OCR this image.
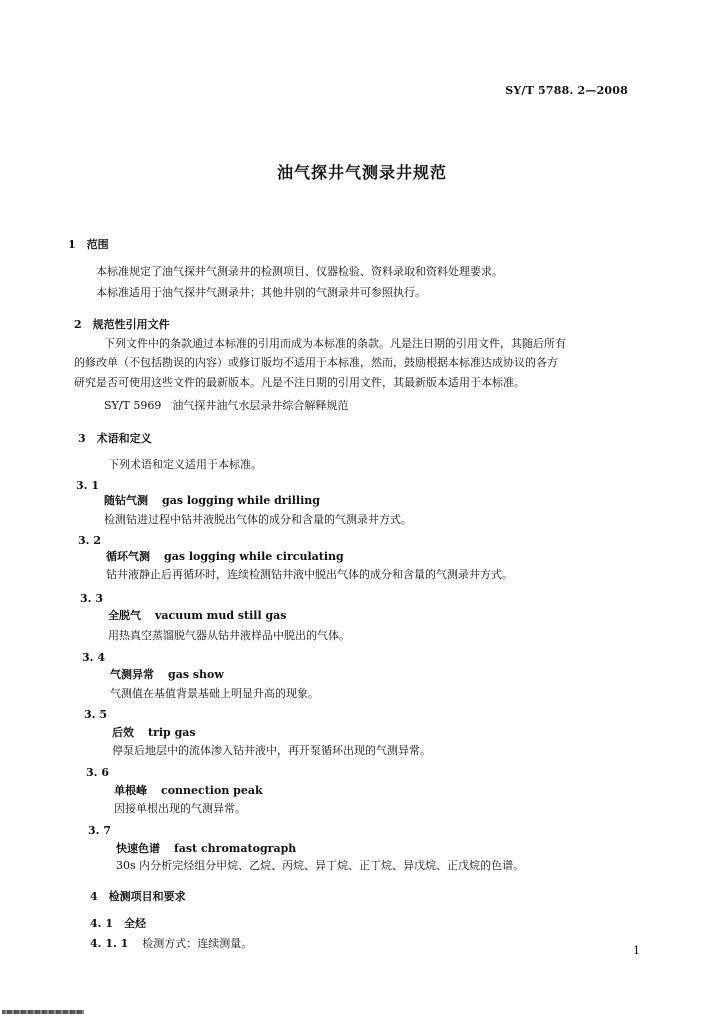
SY/T 5788. 2—2008
油气探井气测录井规范
1　范围
本标准规定了油气探井气测录井的检测项目、仪器检验、资料录取和资料处理要求。
本标准适用于油气探井气测录井；其他井别的气测录井可参照执行。
2　规范性引用文件
下列文件中的条款通过本标准的引用而成为本标准的条款。凡是注日期的引用文件，其随后所有
的修改单（不包括勘误的内容）或修订版均不适用于本标准，然而，鼓励根据本标准达成协议的各方
研究是否可使用这些文件的最新版本。凡是不注日期的引用文件，其最新版本适用于本标准。
SY/T 5969　油气探井油气水层录井综合解释规范
3　术语和定义
下列术语和定义适用于本标准。
3. 1
随钻气测 gas logging while drilling
检测钻进过程中钻井液脱出气体的成分和含量的气测录井方式。
3. 2
循环气测 gas logging while circulating
钻井液静止后再循环时，连续检测钻井液中脱出气体的成分和含量的气测录井方式。
3. 3
全脱气 vacuum mud still gas
用热真空蒸馏脱气器从钻井液样品中脱出的气体。
3. 4
气测异常 gas show
气测值在基值背景基础上明显升高的现象。
3. 5
后效 trip gas
停泵后地层中的流体渗入钻井液中，再开泵循环出现的气测异常。
3. 6
单根峰 connection peak
因接单根出现的气测异常。
3. 7
快速色谱 fast chromatograph
30s 内分析完烃组分甲烷、乙烷、丙烷、异丁烷、正丁烷、异戊烷、正戊烷的色谱。
4　检测项目和要求
4. 1　全烃
4. 1. 1 检测方式：连续测量。
1
